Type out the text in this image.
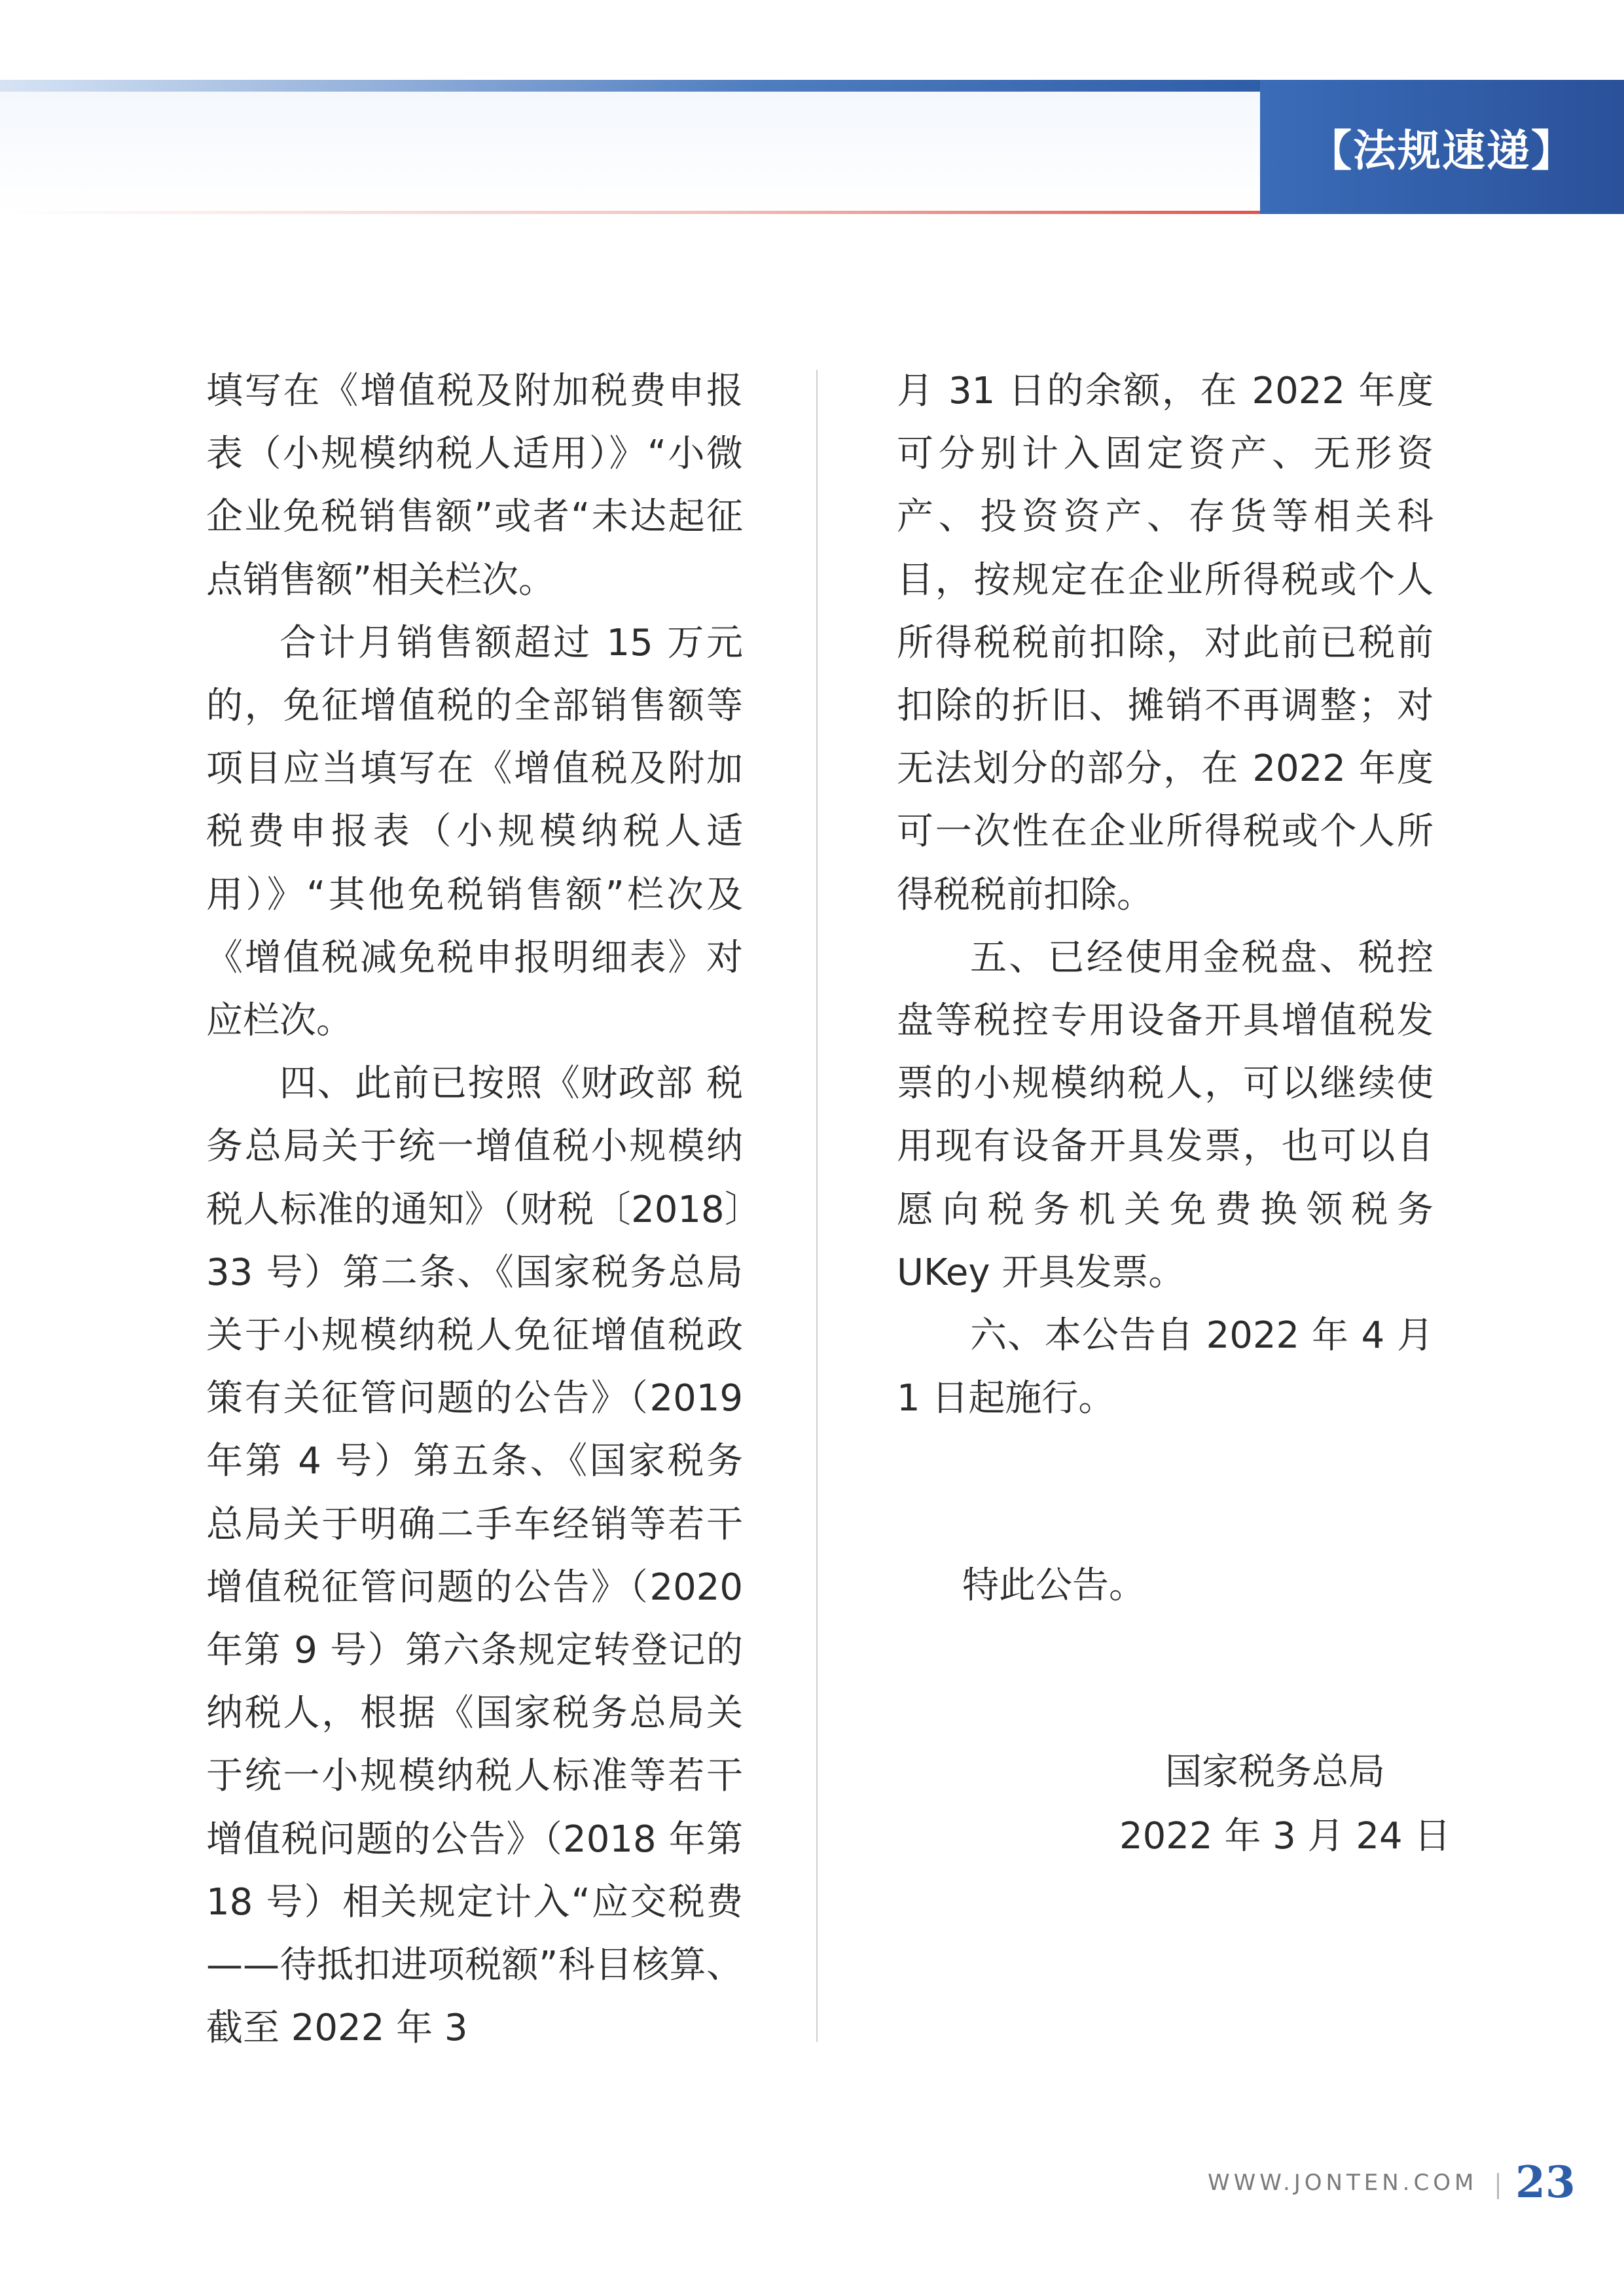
【法规速递】

填写在《增值税及附加税费申报表（小规模纳税人适用）》“小微企业免税销售额”或者“未达起征点销售额”相关栏次。

合计月销售额超过 15 万元的，免征增值税的全部销售额等项目应当填写在《增值税及附加税费申报表（小规模纳税人适用）》“其他免税销售额”栏次及《增值税减免税申报明细表》对应栏次。

四、此前已按照《财政部 税务总局关于统一增值税小规模纳税人标准的通知》（财税〔2018〕33 号）第二条、《国家税务总局关于小规模纳税人免征增值税政策有关征管问题的公告》（2019 年第 4 号）第五条、《国家税务总局关于明确二手车经销等若干增值税征管问题的公告》（2020 年第 9 号）第六条规定转登记的纳税人，根据《国家税务总局关于统一小规模纳税人标准等若干增值税问题的公告》（2018 年第 18 号）相关规定计入“应交税费——待抵扣进项税额”科目核算、截至 2022 年 3

月 31 日的余额，在 2022 年度可分别计入固定资产、无形资产、投资资产、存货等相关科目，按规定在企业所得税或个人所得税税前扣除，对此前已税前扣除的折旧、摊销不再调整；对无法划分的部分，在 2022 年度可一次性在企业所得税或个人所得税税前扣除。

五、已经使用金税盘、税控盘等税控专用设备开具增值税发票的小规模纳税人，可以继续使用现有设备开具发票，也可以自愿向税务机关免费换领税务 UKey 开具发票。

六、本公告自 2022 年 4 月 1 日起施行。

特此公告。
国家税务总局
2022 年 3 月 24 日
WWW.JONTEN.COM 23
